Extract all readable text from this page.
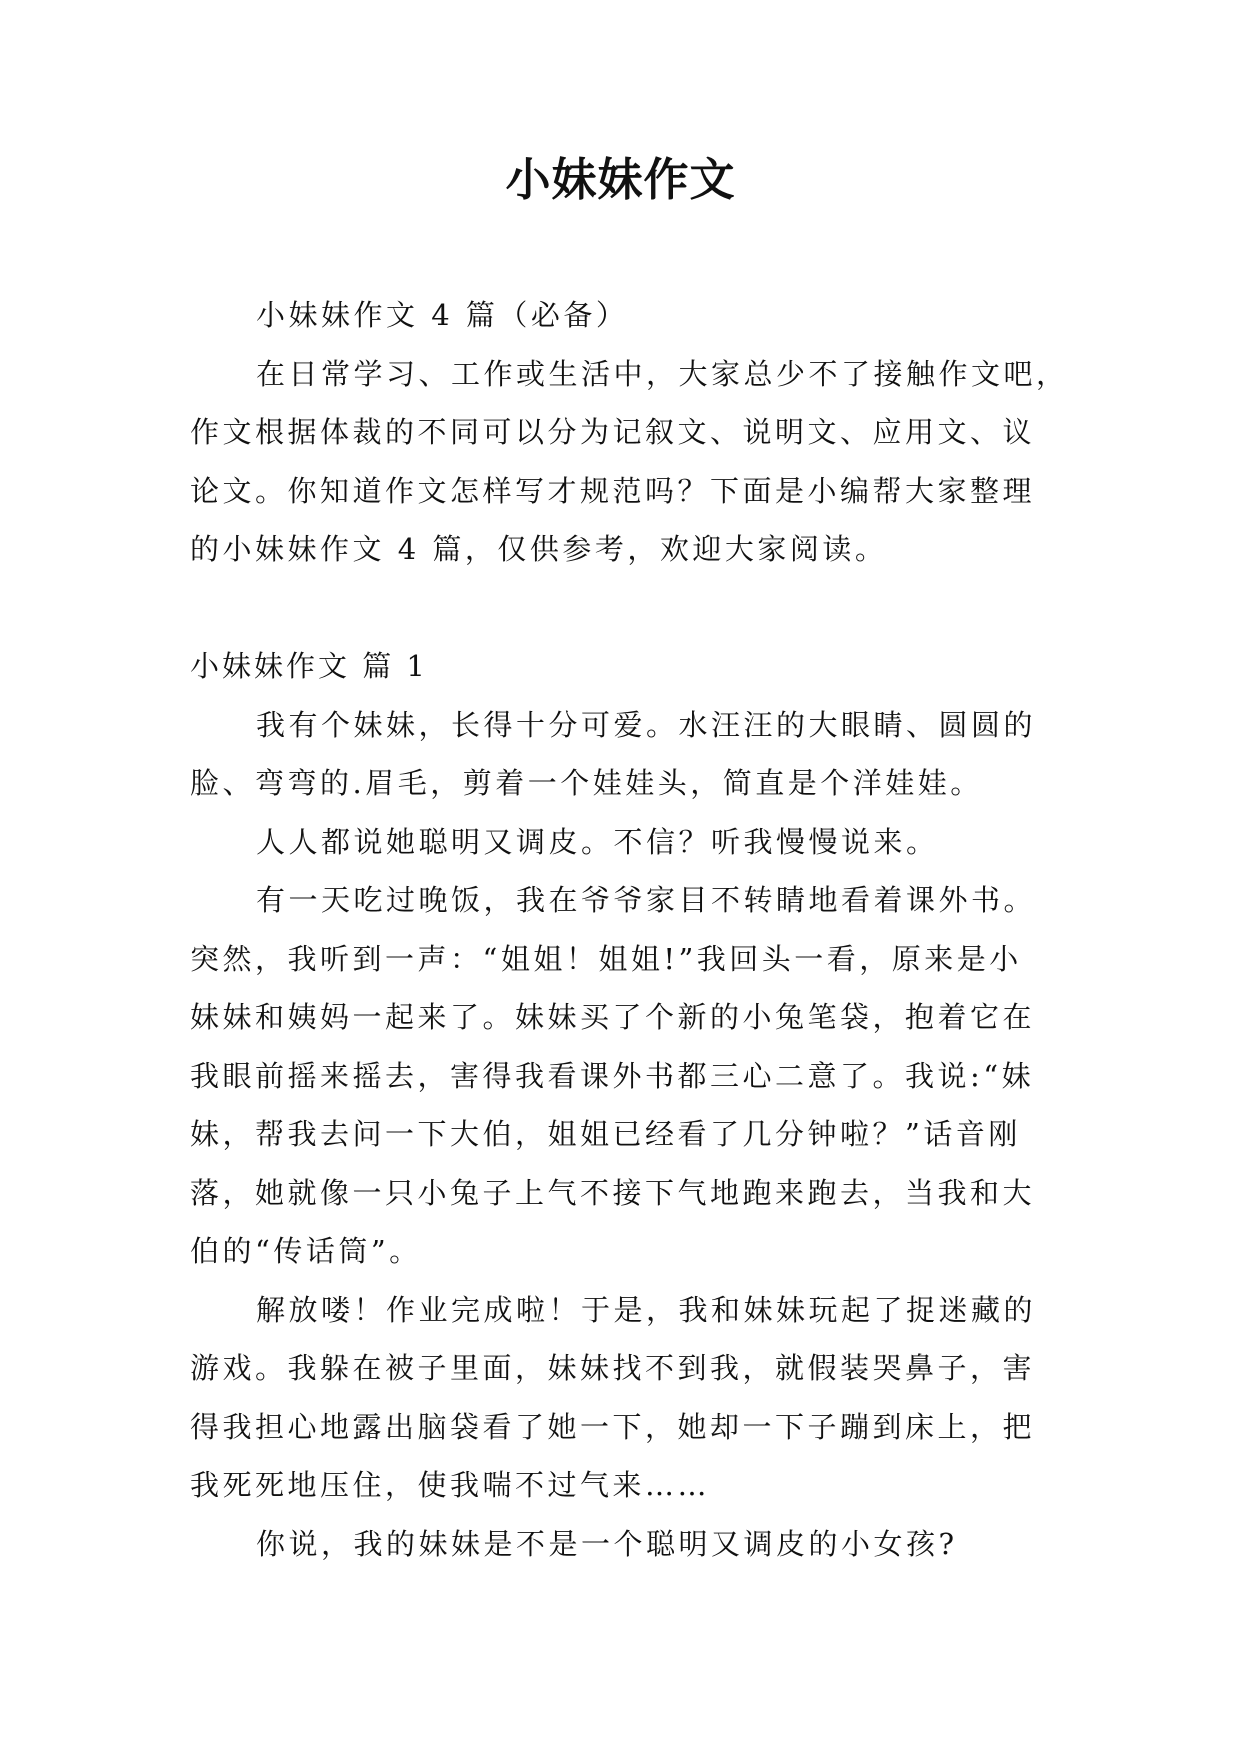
小妹妹作文
小妹妹作文 4 篇（必备）
在日常学习、工作或生活中，大家总少不了接触作文吧，
作文根据体裁的不同可以分为记叙文、说明文、应用文、议
论文。你知道作文怎样写才规范吗？下面是小编帮大家整理
的小妹妹作文 4 篇，仅供参考，欢迎大家阅读。
小妹妹作文 篇 1
我有个妹妹，长得十分可爱。水汪汪的大眼睛、圆圆的
脸、弯弯的.眉毛，剪着一个娃娃头，简直是个洋娃娃。
人人都说她聪明又调皮。不信？听我慢慢说来。
有一天吃过晚饭，我在爷爷家目不转睛地看着课外书。
突然，我听到一声：“姐姐！姐姐!”我回头一看，原来是小
妹妹和姨妈一起来了。妹妹买了个新的小兔笔袋，抱着它在
我眼前摇来摇去，害得我看课外书都三心二意了。我说:“妹
妹，帮我去问一下大伯，姐姐已经看了几分钟啦？”话音刚
落，她就像一只小兔子上气不接下气地跑来跑去，当我和大
伯的“传话筒”。
解放喽！作业完成啦！于是，我和妹妹玩起了捉迷藏的
游戏。我躲在被子里面，妹妹找不到我，就假装哭鼻子，害
得我担心地露出脑袋看了她一下，她却一下子蹦到床上，把
我死死地压住，使我喘不过气来……
你说，我的妹妹是不是一个聪明又调皮的小女孩?
